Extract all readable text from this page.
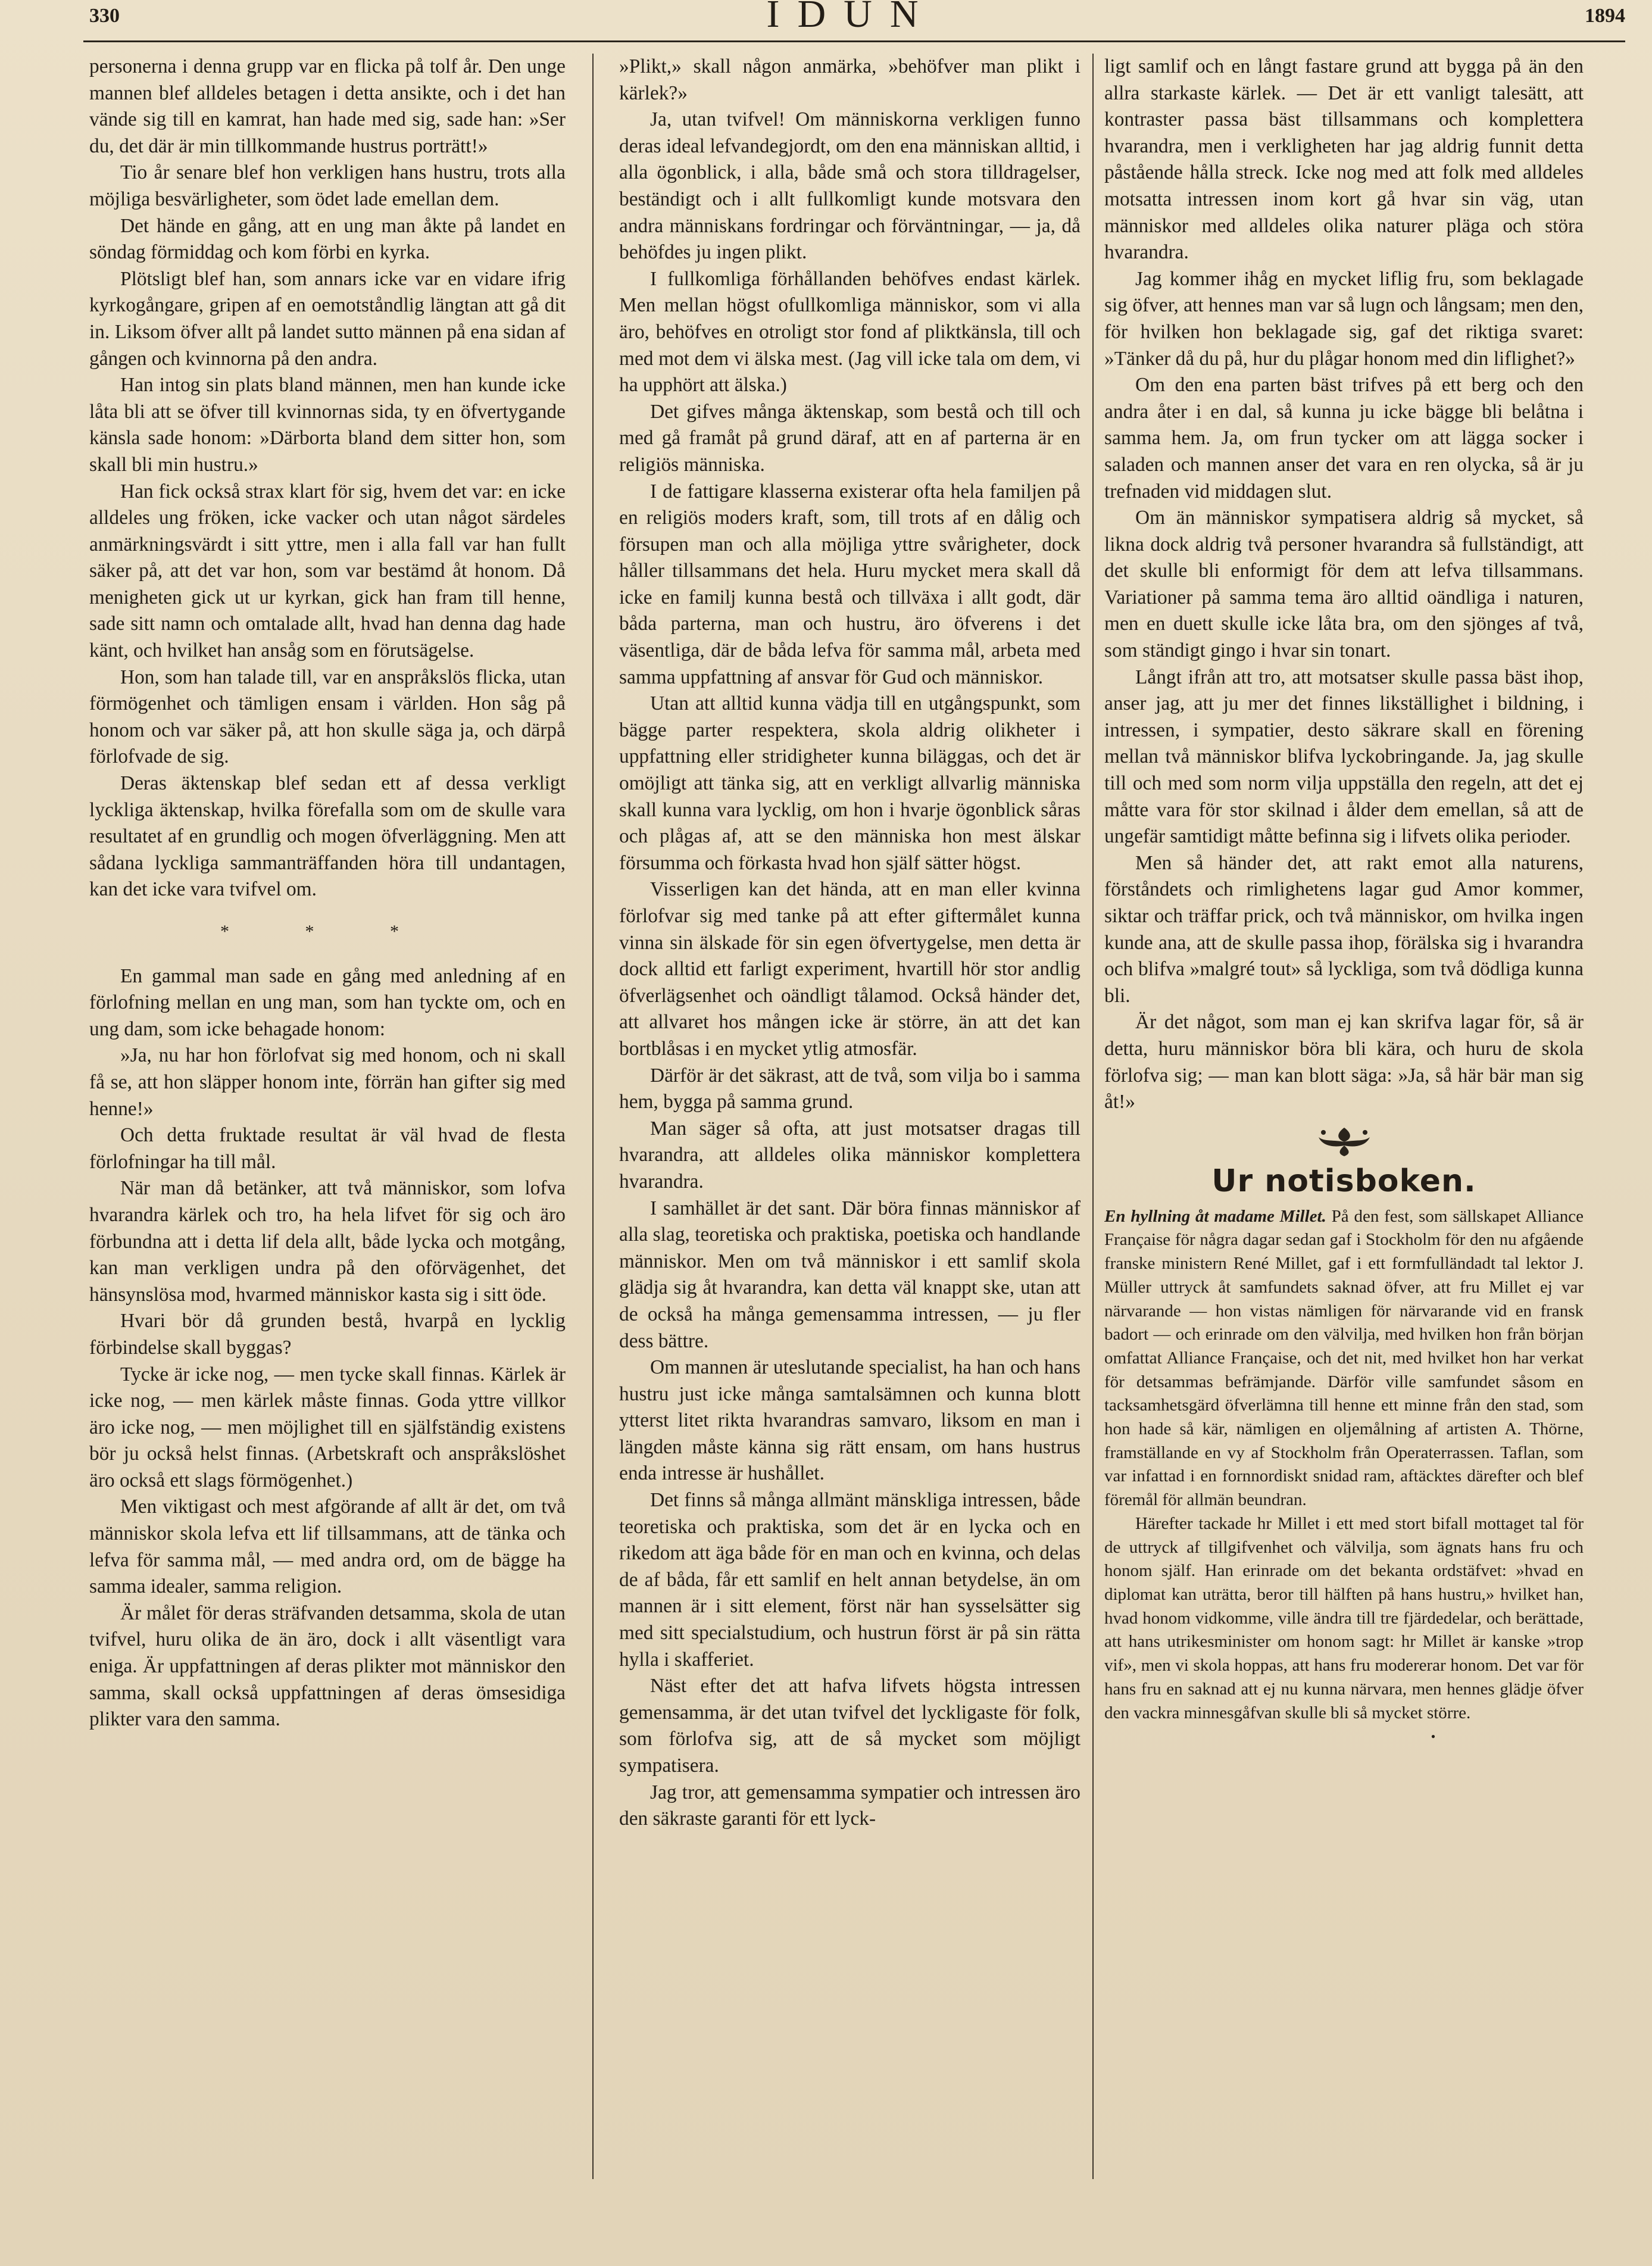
330	IDUN	1894

personerna i denna grupp var en flicka på tolf år. Den unge mannen blef alldeles betagen i detta ansikte, och i det han vände sig till en kamrat, han hade med sig, sade han: »Ser du, det där är min tillkommande hustrus porträtt!»

Tio år senare blef hon verkligen hans hustru, trots alla möjliga besvärligheter, som ödet lade emellan dem.

Det hände en gång, att en ung man åkte på landet en söndag förmiddag och kom förbi en kyrka.

Plötsligt blef han, som annars icke var en vidare ifrig kyrkogångare, gripen af en oemotståndlig längtan att gå dit in. Liksom öfver allt på landet sutto männen på ena sidan af gången och kvinnorna på den andra.

Han intog sin plats bland männen, men han kunde icke låta bli att se öfver till kvinnornas sida, ty en öfvertygande känsla sade honom: »Därborta bland dem sitter hon, som skall bli min hustru.»

Han fick också strax klart för sig, hvem det var: en icke alldeles ung fröken, icke vacker och utan något särdeles anmärkningsvärdt i sitt yttre, men i alla fall var han fullt säker på, att det var hon, som var bestämd åt honom. Då menigheten gick ut ur kyrkan, gick han fram till henne, sade sitt namn och omtalade allt, hvad han denna dag hade känt, och hvilket han ansåg som en förutsägelse.

Hon, som han talade till, var en anspråkslös flicka, utan förmögenhet och tämligen ensam i världen. Hon såg på honom och var säker på, att hon skulle säga ja, och därpå förlofvade de sig.

Deras äktenskap blef sedan ett af dessa verkligt lyckliga äktenskap, hvilka förefalla som om de skulle vara resultatet af en grundlig och mogen öfverläggning. Men att sådana lyckliga sammanträffanden höra till undantagen, kan det icke vara tvifvel om.

* * *

En gammal man sade en gång med anledning af en förlofning mellan en ung man, som han tyckte om, och en ung dam, som icke behagade honom:

»Ja, nu har hon förlofvat sig med honom, och ni skall få se, att hon släpper honom inte, förrän han gifter sig med henne!»

Och detta fruktade resultat är väl hvad de flesta förlofningar ha till mål.

När man då betänker, att två människor, som lofva hvarandra kärlek och tro, ha hela lifvet för sig och äro förbundna att i detta lif dela allt, både lycka och motgång, kan man verkligen undra på den oförvägenhet, det hänsynslösa mod, hvarmed människor kasta sig i sitt öde.

Hvari bör då grunden bestå, hvarpå en lycklig förbindelse skall byggas?

Tycke är icke nog, — men tycke skall finnas. Kärlek är icke nog, — men kärlek måste finnas. Goda yttre villkor äro icke nog, — men möjlighet till en själfständig existens bör ju också helst finnas. (Arbetskraft och anspråkslöshet äro också ett slags förmögenhet.)

Men viktigast och mest afgörande af allt är det, om två människor skola lefva ett lif tillsammans, att de tänka och lefva för samma mål, — med andra ord, om de bägge ha samma idealer, samma religion.

Är målet för deras sträfvanden detsamma, skola de utan tvifvel, huru olika de än äro, dock i allt väsentligt vara eniga. Är uppfattningen af deras plikter mot människor den samma, skall också uppfattningen af deras ömsesidiga plikter vara den samma.

»Plikt,» skall någon anmärka, »behöfver man plikt i kärlek?»

Ja, utan tvifvel! Om människorna verkligen funno deras ideal lefvandegjordt, om den ena människan alltid, i alla ögonblick, i alla, både små och stora tilldragelser, beständigt och i allt fullkomligt kunde motsvara den andra människans fordringar och förväntningar, — ja, då behöfdes ju ingen plikt.

I fullkomliga förhållanden behöfves endast kärlek. Men mellan högst ofullkomliga människor, som vi alla äro, behöfves en otroligt stor fond af pliktkänsla, till och med mot dem vi älska mest. (Jag vill icke tala om dem, vi ha upphört att älska.)

Det gifves många äktenskap, som bestå och till och med gå framåt på grund däraf, att en af parterna är en religiös människa.

I de fattigare klasserna existerar ofta hela familjen på en religiös moders kraft, som, till trots af en dålig och försupen man och alla möjliga yttre svårigheter, dock håller tillsammans det hela. Huru mycket mera skall då icke en familj kunna bestå och tillväxa i allt godt, där båda parterna, man och hustru, äro öfverens i det väsentliga, där de båda lefva för samma mål, arbeta med samma uppfattning af ansvar för Gud och människor.

Utan att alltid kunna vädja till en utgångspunkt, som bägge parter respektera, skola aldrig olikheter i uppfattning eller stridigheter kunna biläggas, och det är omöjligt att tänka sig, att en verkligt allvarlig människa skall kunna vara lycklig, om hon i hvarje ögonblick såras och plågas af, att se den människa hon mest älskar försumma och förkasta hvad hon själf sätter högst.

Visserligen kan det hända, att en man eller kvinna förlofvar sig med tanke på att efter giftermålet kunna vinna sin älskade för sin egen öfvertygelse, men detta är dock alltid ett farligt experiment, hvartill hör stor andlig öfverlägsenhet och oändligt tålamod. Också händer det, att allvaret hos mången icke är större, än att det kan bortblåsas i en mycket ytlig atmosfär.

Därför är det säkrast, att de två, som vilja bo i samma hem, bygga på samma grund.

Man säger så ofta, att just motsatser dragas till hvarandra, att alldeles olika människor komplettera hvarandra.

I samhället är det sant. Där böra finnas människor af alla slag, teoretiska och praktiska, poetiska och handlande människor. Men om två människor i ett samlif skola glädja sig åt hvarandra, kan detta väl knappt ske, utan att de också ha många gemensamma intressen, — ju fler dess bättre.

Om mannen är uteslutande specialist, ha han och hans hustru just icke många samtalsämnen och kunna blott ytterst litet rikta hvarandras samvaro, liksom en man i längden måste känna sig rätt ensam, om hans hustrus enda intresse är hushållet.

Det finns så många allmänt mänskliga intressen, både teoretiska och praktiska, som det är en lycka och en rikedom att äga både för en man och en kvinna, och delas de af båda, får ett samlif en helt annan betydelse, än om mannen är i sitt element, först när han sysselsätter sig med sitt specialstudium, och hustrun först är på sin rätta hylla i skafferiet.

Näst efter det att hafva lifvets högsta intressen gemensamma, är det utan tvifvel det lyckligaste för folk, som förlofva sig, att de så mycket som möjligt sympatisera.

Jag tror, att gemensamma sympatier och intressen äro den säkraste garanti för ett lyck-

ligt samlif och en långt fastare grund att bygga på än den allra starkaste kärlek. — Det är ett vanligt talesätt, att kontraster passa bäst tillsammans och komplettera hvarandra, men i verkligheten har jag aldrig funnit detta påstående hålla streck. Icke nog med att folk med alldeles motsatta intressen inom kort gå hvar sin väg, utan människor med alldeles olika naturer pläga och störa hvarandra.

Jag kommer ihåg en mycket liflig fru, som beklagade sig öfver, att hennes man var så lugn och långsam; men den, för hvilken hon beklagade sig, gaf det riktiga svaret: »Tänker då du på, hur du plågar honom med din liflighet?»

Om den ena parten bäst trifves på ett berg och den andra åter i en dal, så kunna ju icke bägge bli belåtna i samma hem. Ja, om frun tycker om att lägga socker i saladen och mannen anser det vara en ren olycka, så är ju trefnaden vid middagen slut.

Om än människor sympatisera aldrig så mycket, så likna dock aldrig två personer hvarandra så fullständigt, att det skulle bli enformigt för dem att lefva tillsammans. Variationer på samma tema äro alltid oändliga i naturen, men en duett skulle icke låta bra, om den sjönges af två, som ständigt gingo i hvar sin tonart.

Långt ifrån att tro, att motsatser skulle passa bäst ihop, anser jag, att ju mer det finnes likställighet i bildning, i intressen, i sympatier, desto säkrare skall en förening mellan två människor blifva lyckobringande. Ja, jag skulle till och med som norm vilja uppställa den regeln, att det ej måtte vara för stor skilnad i ålder dem emellan, så att de ungefär samtidigt måtte befinna sig i lifvets olika perioder.

Men så händer det, att rakt emot alla naturens, förståndets och rimlighetens lagar gud Amor kommer, siktar och träffar prick, och två människor, om hvilka ingen kunde ana, att de skulle passa ihop, förälska sig i hvarandra och blifva »malgré tout» så lyckliga, som två dödliga kunna bli.

Är det något, som man ej kan skrifva lagar för, så är detta, huru människor böra bli kära, och huru de skola förlofva sig; — man kan blott säga: »Ja, så här bär man sig åt!»

Ur notisboken.

En hyllning åt madame Millet. På den fest, som sällskapet Alliance Française för några dagar sedan gaf i Stockholm för den nu afgående franske ministern René Millet, gaf i ett formfulländadt tal lektor J. Müller uttryck åt samfundets saknad öfver, att fru Millet ej var närvarande — hon vistas nämligen för närvarande vid en fransk badort — och erinrade om den välvilja, med hvilken hon från början omfattat Alliance Française, och det nit, med hvilket hon har verkat för detsammas befrämjande. Därför ville samfundet såsom en tacksamhetsgärd öfverlämna till henne ett minne från den stad, som hon hade så kär, nämligen en oljemålning af artisten A. Thörne, framställande en vy af Stockholm från Operaterrassen. Taflan, som var infattad i en fornnordiskt snidad ram, aftäcktes därefter och blef föremål för allmän beundran.

Härefter tackade hr Millet i ett med stort bifall mottaget tal för de uttryck af tillgifvenhet och välvilja, som ägnats hans fru och honom själf. Han erinrade om det bekanta ordstäfvet: »hvad en diplomat kan uträtta, beror till hälften på hans hustru,» hvilket han, hvad honom vidkomme, ville ändra till tre fjärdedelar, och berättade, att hans utrikesminister om honom sagt: hr Millet är kanske »trop vif», men vi skola hoppas, att hans fru modererar honom. Det var för hans fru en saknad att ej nu kunna närvara, men hennes glädje öfver den vackra minnesgåfvan skulle bli så mycket större.

•
